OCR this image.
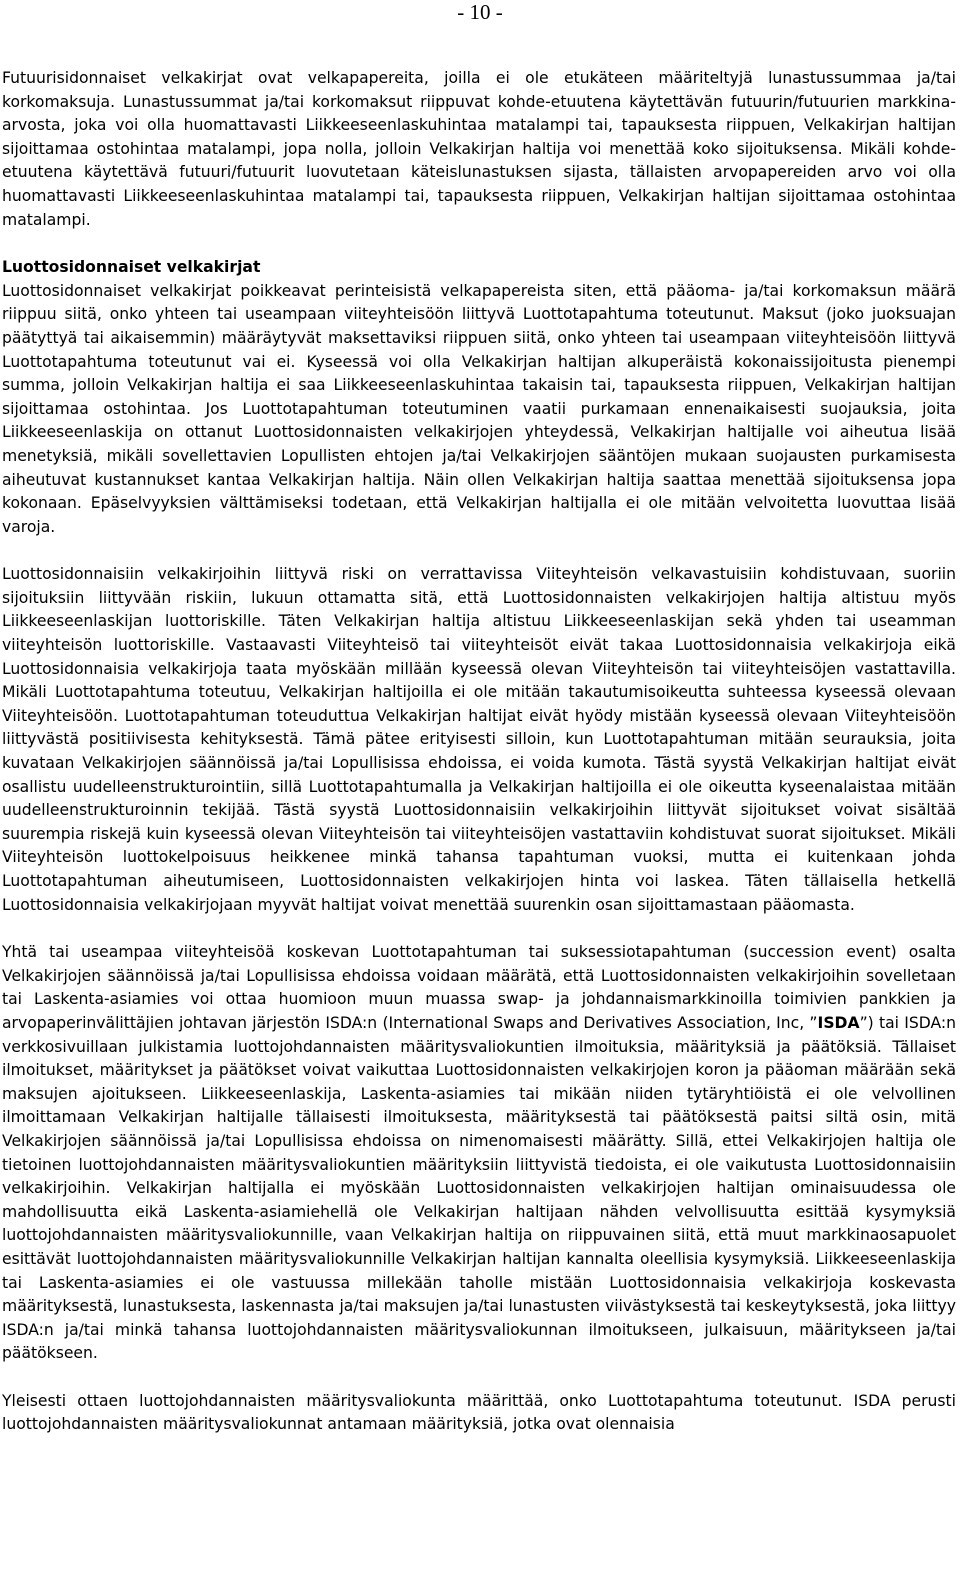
- 10 -

Futuurisidonnaiset velkakirjat ovat velkapapereita, joilla ei ole etukäteen määriteltyjä lunastussummaa ja/tai korkomaksuja. Lunastussummat ja/tai korkomaksut riippuvat kohde-etuutena käytettävän futuurin/futuurien markkina-arvosta, joka voi olla huomattavasti Liikkeeseenlaskuhintaa matalampi tai, tapauksesta riippuen, Velkakirjan haltijan sijoittamaa ostohintaa matalampi, jopa nolla, jolloin Velkakirjan haltija voi menettää koko sijoituksensa. Mikäli kohde-etuutena käytettävä futuuri/futuurit luovutetaan käteislunastuksen sijasta, tällaisten arvopapereiden arvo voi olla huomattavasti Liikkeeseenlaskuhintaa matalampi tai, tapauksesta riippuen, Velkakirjan haltijan sijoittamaa ostohintaa matalampi.

Luottosidonnaiset velkakirjat

Luottosidonnaiset velkakirjat poikkeavat perinteisistä velkapapereista siten, että pääoma- ja/tai korkomaksun määrä riippuu siitä, onko yhteen tai useampaan viiteyhteisöön liittyvä Luottotapahtuma toteutunut. Maksut (joko juoksuajan päätyttyä tai aikaisemmin) määräytyvät maksettaviksi riippuen siitä, onko yhteen tai useampaan viiteyhteisöön liittyvä Luottotapahtuma toteutunut vai ei. Kyseessä voi olla Velkakirjan haltijan alkuperäistä kokonaissijoitusta pienempi summa, jolloin Velkakirjan haltija ei saa Liikkeeseenlaskuhintaa takaisin tai, tapauksesta riippuen, Velkakirjan haltijan sijoittamaa ostohintaa. Jos Luottotapahtuman toteutuminen vaatii purkamaan ennenaikaisesti suojauksia, joita Liikkeeseenlaskija on ottanut Luottosidonnaisten velkakirjojen yhteydessä, Velkakirjan haltijalle voi aiheutua lisää menetyksiä, mikäli sovellettavien Lopullisten ehtojen ja/tai Velkakirjojen sääntöjen mukaan suojausten purkamisesta aiheutuvat kustannukset kantaa Velkakirjan haltija. Näin ollen Velkakirjan haltija saattaa menettää sijoituksensa jopa kokonaan. Epäselvyyksien välttämiseksi todetaan, että Velkakirjan haltijalla ei ole mitään velvoitetta luovuttaa lisää varoja.

Luottosidonnaisiin velkakirjoihin liittyvä riski on verrattavissa Viiteyhteisön velkavastuisiin kohdistuvaan, suoriin sijoituksiin liittyvään riskiin, lukuun ottamatta sitä, että Luottosidonnaisten velkakirjojen haltija altistuu myös Liikkeeseenlaskijan luottoriskille. Täten Velkakirjan haltija altistuu Liikkeeseenlaskijan sekä yhden tai useamman viiteyhteisön luottoriskille. Vastaavasti Viiteyhteisö tai viiteyhteisöt eivät takaa Luottosidonnaisia velkakirjoja eikä Luottosidonnaisia velkakirjoja taata myöskään millään kyseessä olevan Viiteyhteisön tai viiteyhteisöjen vastattavilla. Mikäli Luottotapahtuma toteutuu, Velkakirjan haltijoilla ei ole mitään takautumisoikeutta suhteessa kyseessä olevaan Viiteyhteisöön. Luottotapahtuman toteuduttua Velkakirjan haltijat eivät hyödy mistään kyseessä olevaan Viiteyhteisöön liittyvästä positiivisesta kehityksestä. Tämä pätee erityisesti silloin, kun Luottotapahtuman mitään seurauksia, joita kuvataan Velkakirjojen säännöissä ja/tai Lopullisissa ehdoissa, ei voida kumota. Tästä syystä Velkakirjan haltijat eivät osallistu uudelleenstrukturointiin, sillä Luottotapahtumalla ja Velkakirjan haltijoilla ei ole oikeutta kyseenalaistaa mitään uudelleenstrukturoinnin tekijää. Tästä syystä Luottosidonnaisiin velkakirjoihin liittyvät sijoitukset voivat sisältää suurempia riskejä kuin kyseessä olevan Viiteyhteisön tai viiteyhteisöjen vastattaviin kohdistuvat suorat sijoitukset. Mikäli Viiteyhteisön luottokelpoisuus heikkenee minkä tahansa tapahtuman vuoksi, mutta ei kuitenkaan johda Luottotapahtuman aiheutumiseen, Luottosidonnaisten velkakirjojen hinta voi laskea. Täten tällaisella hetkellä Luottosidonnaisia velkakirjojaan myyvät haltijat voivat menettää suurenkin osan sijoittamastaan pääomasta.

Yhtä tai useampaa viiteyhteisöä koskevan Luottotapahtuman tai suksessiotapahtuman (succession event) osalta Velkakirjojen säännöissä ja/tai Lopullisissa ehdoissa voidaan määrätä, että Luottosidonnaisten velkakirjoihin sovelletaan tai Laskenta-asiamies voi ottaa huomioon muun muassa swap- ja johdannaismarkkinoilla toimivien pankkien ja arvopaperinvälittäjien johtavan järjestön ISDA:n (International Swaps and Derivatives Association, Inc, ”ISDA”) tai ISDA:n verkkosivuillaan julkistamia luottojohdannaisten määritysvaliokuntien ilmoituksia, määrityksiä ja päätöksiä. Tällaiset ilmoitukset, määritykset ja päätökset voivat vaikuttaa Luottosidonnaisten velkakirjojen koron ja pääoman määrään sekä maksujen ajoitukseen. Liikkeeseenlaskija, Laskenta-asiamies tai mikään niiden tytäryhtiöistä ei ole velvollinen ilmoittamaan Velkakirjan haltijalle tällaisesti ilmoituksesta, määrityksestä tai päätöksestä paitsi siltä osin, mitä Velkakirjojen säännöissä ja/tai Lopullisissa ehdoissa on nimenomaisesti määrätty. Sillä, ettei Velkakirjojen haltija ole tietoinen luottojohdannaisten määritysvaliokuntien määrityksiin liittyvistä tiedoista, ei ole vaikutusta Luottosidonnaisiin velkakirjoihin. Velkakirjan haltijalla ei myöskään Luottosidonnaisten velkakirjojen haltijan ominaisuudessa ole mahdollisuutta eikä Laskenta-asiamiehellä ole Velkakirjan haltijaan nähden velvollisuutta esittää kysymyksiä luottojohdannaisten määritysvaliokunnille, vaan Velkakirjan haltija on riippuvainen siitä, että muut markkinaosapuolet esittävät luottojohdannaisten määritysvaliokunnille Velkakirjan haltijan kannalta oleellisia kysymyksiä. Liikkeeseenlaskija tai Laskenta-asiamies ei ole vastuussa millekään taholle mistään Luottosidonnaisia velkakirjoja koskevasta määrityksestä, lunastuksesta, laskennasta ja/tai maksujen ja/tai lunastusten viivästyksestä tai keskeytyksestä, joka liittyy ISDA:n ja/tai minkä tahansa luottojohdannaisten määritysvaliokunnan ilmoitukseen, julkaisuun, määritykseen ja/tai päätökseen.

Yleisesti ottaen luottojohdannaisten määritysvaliokunta määrittää, onko Luottotapahtuma toteutunut. ISDA perusti luottojohdannaisten määritysvaliokunnat antamaan määrityksiä, jotka ovat olennaisia
